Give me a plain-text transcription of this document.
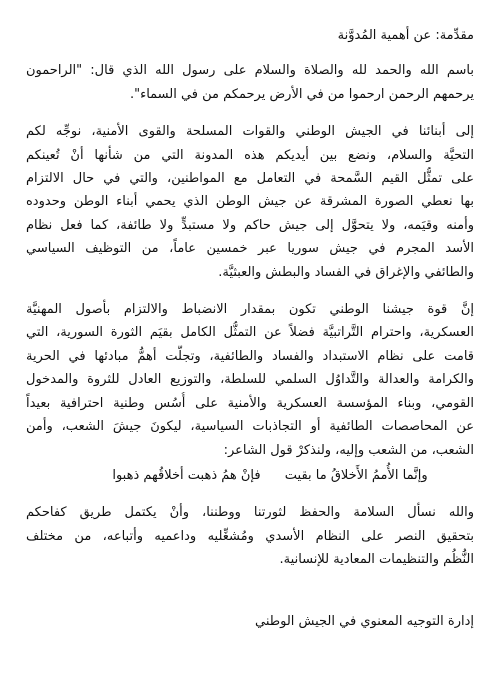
مقدِّمة: عن أهمية المُدوَّنة
باسم الله والحمد لله والصلاة والسلام على رسول الله الذي قال: "الراحمون
يرحمهم الرحمن ارحموا من في الأرض يرحمكم من في السماء".
إلى أبنائنا في الجيش الوطني والقوات المسلحة والقوى الأمنية، نوجِّه لكم
التحيَّة والسلام، ونضع بين أيديكم هذه المدونة التي من شأنها أنْ تُعينكم
على تمثُّل القيم السَّمحة في التعامل مع المواطنين، والتي في حال الالتزام
بها نعطي الصورة المشرقة عن جيش الوطن الذي يحمي أبناء الوطن وحدوده
وأمنه وقيَمه، ولا يتحوَّل إلى جيش حاكم ولا مستبدٍّ ولا طائفة، كما فعل نظام
الأسد المجرم في جيش سوريا عبر خمسين عاماً، من التوظيف السياسي
والطائفي والإغراق في الفساد والبطش والعبثيَّة.
إنَّ قوة جيشنا الوطني تكون بمقدار الانضباط والالتزام بأصول المهنيَّة
العسكرية، واحترام التَّراتبيَّة فضلاً عن التمثُّل الكامل بقيَم الثورة السورية، التي
قامت على نظام الاستبداد والفساد والطائفية، وتجلَّت أهمُّ مبادئها في الحرية
والكرامة والعدالة والتَّداوُل السلمي للسلطة، والتوزيع العادل للثروة والمدخول
القومي، وبناء المؤسسة العسكرية والأمنية على أُسُس وطنية احترافية بعيداً
عن المحاصصات الطائفية أو التجاذبات السياسية، ليكونَ جيشَ الشعب، وأمن
الشعب، من الشعب وإليه، ولنذكرْ قول الشاعر:
وإنَّما الأُممُ الأَخلاقُ ما بقيت فإنْ همُ ذهبت أخلاقُهم ذهبوا
والله نسأل السلامة والحفظ لثورتنا ووطننا، وأنْ يكتمل طريق كفاحكم
بتحقيق النصر على النظام الأسدي ومُشغِّليه وداعميه وأتباعه، من مختلف
النُّظُم والتنظيمات المعادية للإنسانية.
إدارة التوجيه المعنوي في الجيش الوطني
